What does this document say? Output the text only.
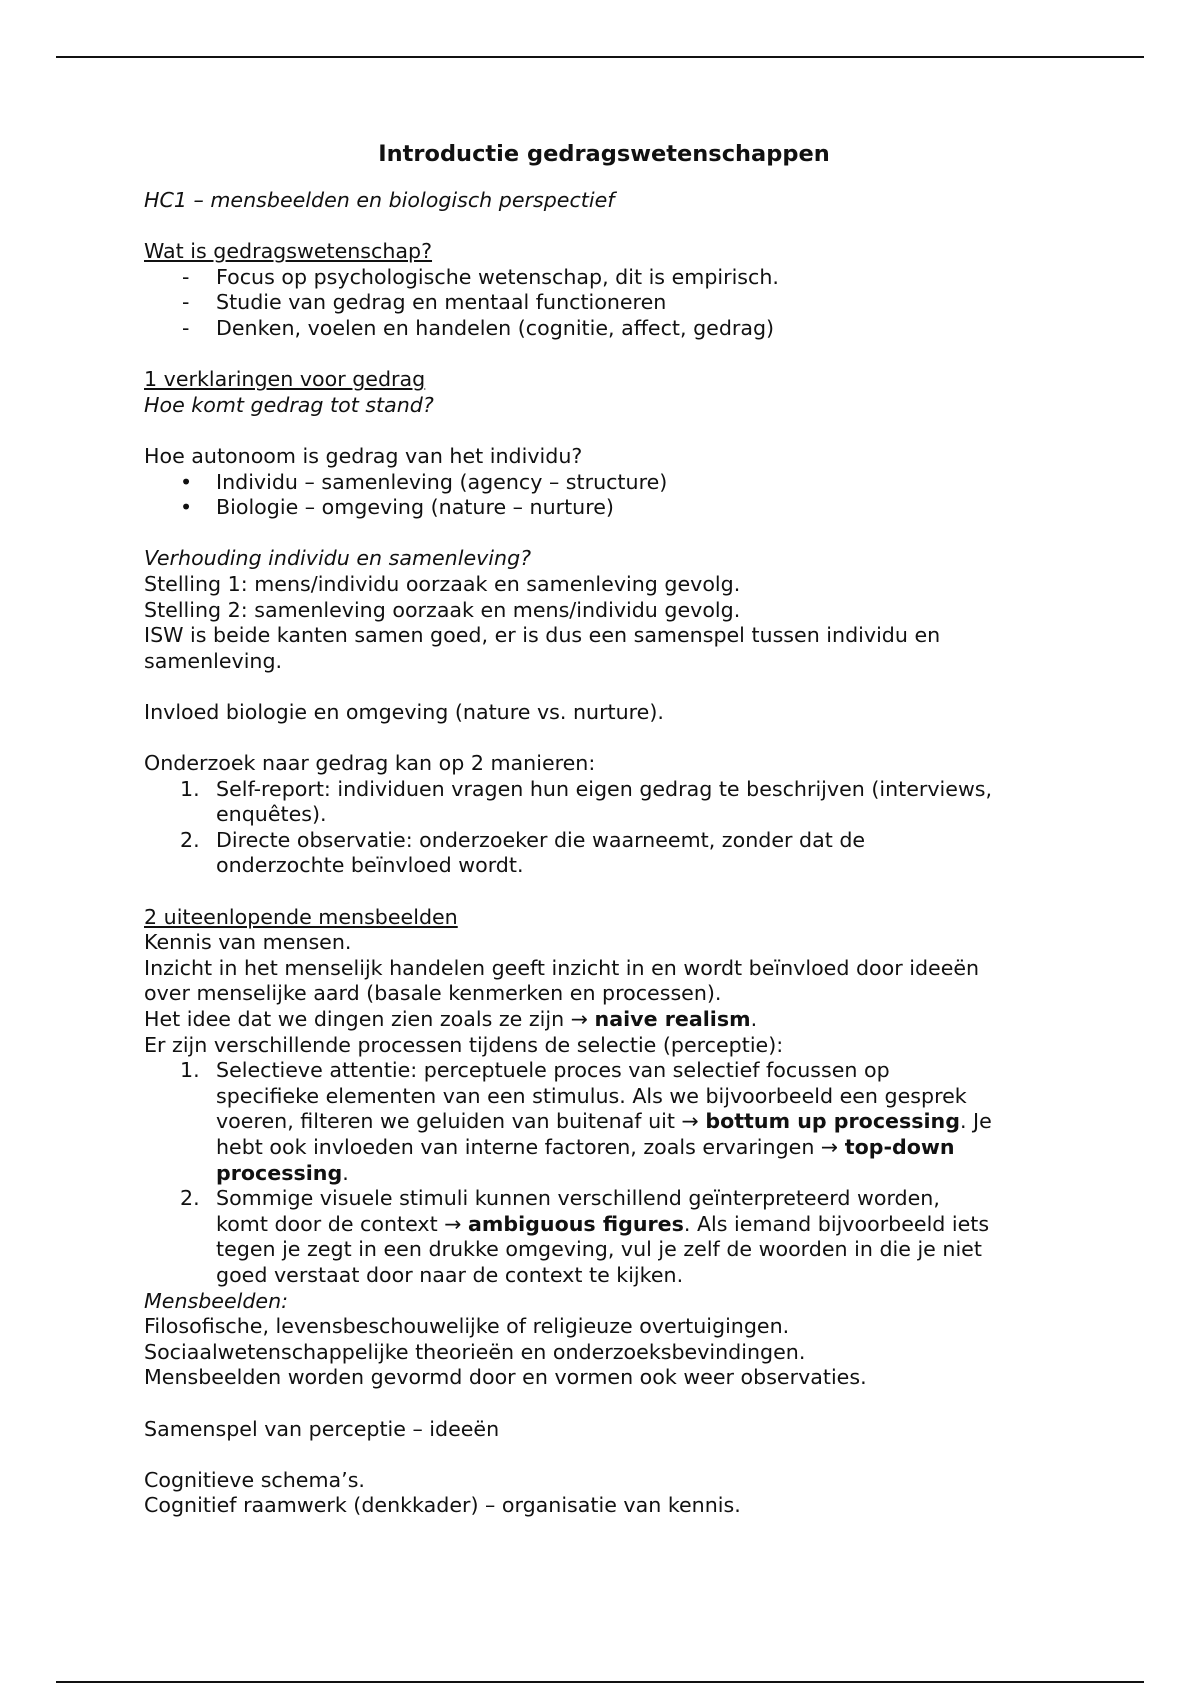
Introductie gedragswetenschappen

HC1 – mensbeelden en biologisch perspectief

Wat is gedragswetenschap?

-	Focus op psychologische wetenschap, dit is empirisch.
-	Studie van gedrag en mentaal functioneren
-	Denken, voelen en handelen (cognitie, affect, gedrag)

1 verklaringen voor gedrag

Hoe komt gedrag tot stand?

Hoe autonoom is gedrag van het individu?

•	Individu – samenleving (agency – structure)
•	Biologie – omgeving (nature – nurture)

Verhouding individu en samenleving?

Stelling 1: mens/individu oorzaak en samenleving gevolg.

Stelling 2: samenleving oorzaak en mens/individu gevolg.

ISW is beide kanten samen goed, er is dus een samenspel tussen individu en

samenleving.

Invloed biologie en omgeving (nature vs. nurture).

Onderzoek naar gedrag kan op 2 manieren:

1. Self-report: individuen vragen hun eigen gedrag te beschrijven (interviews,
enquêtes).
2. Directe observatie: onderzoeker die waarneemt, zonder dat de
onderzochte beïnvloed wordt.

2 uiteenlopende mensbeelden

Kennis van mensen.

Inzicht in het menselijk handelen geeft inzicht in en wordt beïnvloed door ideeën

over menselijke aard (basale kenmerken en processen).

Het idee dat we dingen zien zoals ze zijn → naive realism.

Er zijn verschillende processen tijdens de selectie (perceptie):

1. Selectieve attentie: perceptuele proces van selectief focussen op
specifieke elementen van een stimulus. Als we bijvoorbeeld een gesprek
voeren, filteren we geluiden van buitenaf uit → bottum up processing. Je
hebt ook invloeden van interne factoren, zoals ervaringen → top-down
processing.
2. Sommige visuele stimuli kunnen verschillend geïnterpreteerd worden,
komt door de context → ambiguous figures. Als iemand bijvoorbeeld iets
tegen je zegt in een drukke omgeving, vul je zelf de woorden in die je niet
goed verstaat door naar de context te kijken.

Mensbeelden:

Filosofische, levensbeschouwelijke of religieuze overtuigingen.

Sociaalwetenschappelijke theorieën en onderzoeksbevindingen.

Mensbeelden worden gevormd door en vormen ook weer observaties.

Samenspel van perceptie – ideeën

Cognitieve schema’s.

Cognitief raamwerk (denkkader) – organisatie van kennis.
